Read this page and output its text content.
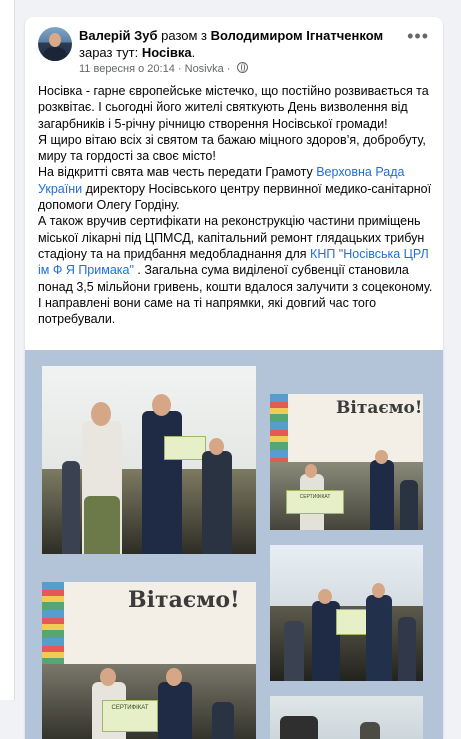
Валерій Зуб разом з Володимиром Ігнатченком зараз тут: Носівка.
11 вересня о 20:14 · Nosivka ·
•••

Носівка - гарне європейське містечко, що постійно розвивається та розквітає. І сьогодні його жителі святкують День визволення від загарбників і 5-річну річницю створення Носівської громади!

Я щиро вітаю всіх зі святом та бажаю міцного здоров’я, добробуту, миру та гордості за своє місто!

На відкритті свята мав честь передати Грамоту Верховна Рада України директору Носівського центру первинної медико-санітарної допомоги Олегу Гордіну.

А також вручив сертифікати на реконструкцію частини приміщень міської лікарні під ЦПМСД, капітальний ремонт глядацьких трибун стадіону та на придбання медобладнання для КНП "Носівська ЦРЛ ім Ф Я Примака" . Загальна сума виділеної субвенції становила понад 3,5 мільйони гривень, кошти вдалося залучити з соцеконому. І направлені вони саме на ті напрямки, які довгий час того потребували.

Вітаємо!
СЕРТИФІКАТ
Вітаємо!
СЕРТИФІКАТ
